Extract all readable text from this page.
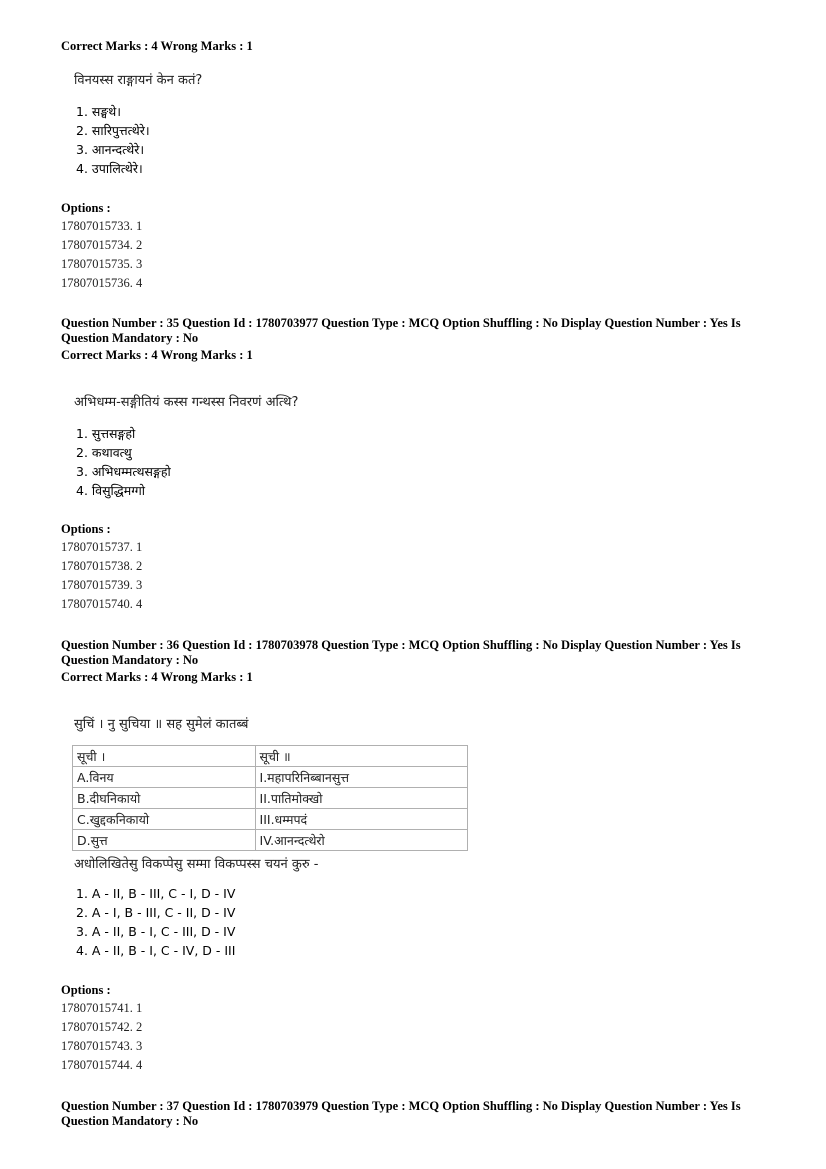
Correct Marks : 4 Wrong Marks : 1
विनयस्स राङ्गायनं केन कतं?
1. सङ्घथे।
2. सारिपुत्तत्थेरे।
3. आनन्दत्थेरे।
4. उपालित्थेरे।
Options :
17807015733. 1
17807015734. 2
17807015735. 3
17807015736. 4
Question Number : 35 Question Id : 1780703977 Question Type : MCQ Option Shuffling : No Display Question Number : Yes Is
Question Mandatory : No
Correct Marks : 4 Wrong Marks : 1
अभिधम्म-सङ्गीतियं कस्स गन्थस्स निवरणं अत्थि?
1. सुत्तसङ्गहो
2. कथावत्थु
3. अभिधम्मत्थसङ्गहो
4. विसुद्धिमग्गो
Options :
17807015737. 1
17807015738. 2
17807015739. 3
17807015740. 4
Question Number : 36 Question Id : 1780703978 Question Type : MCQ Option Shuffling : No Display Question Number : Yes Is
Question Mandatory : No
Correct Marks : 4 Wrong Marks : 1
सुचिं । नु सुचिया ॥ सह सुमेलं कातब्बं
सूची ।	सूची ॥
A.विनय	I.महापरिनिब्बानसुत्त
B.दीघनिकायो	II.पातिमोक्खो
C.खुद्दकनिकायो	III.धम्मपदं
D.सुत्त	IV.आनन्दत्थेरो
अधोलिखितेसु विकप्पेसु सम्मा विकप्पस्स चयनं कुरु -
1. A - II, B - III, C - I, D - IV
2. A - I, B - III, C - II, D - IV
3. A - II, B - I, C - III, D - IV
4. A - II, B - I, C - IV, D - III
Options :
17807015741. 1
17807015742. 2
17807015743. 3
17807015744. 4
Question Number : 37 Question Id : 1780703979 Question Type : MCQ Option Shuffling : No Display Question Number : Yes Is
Question Mandatory : No
